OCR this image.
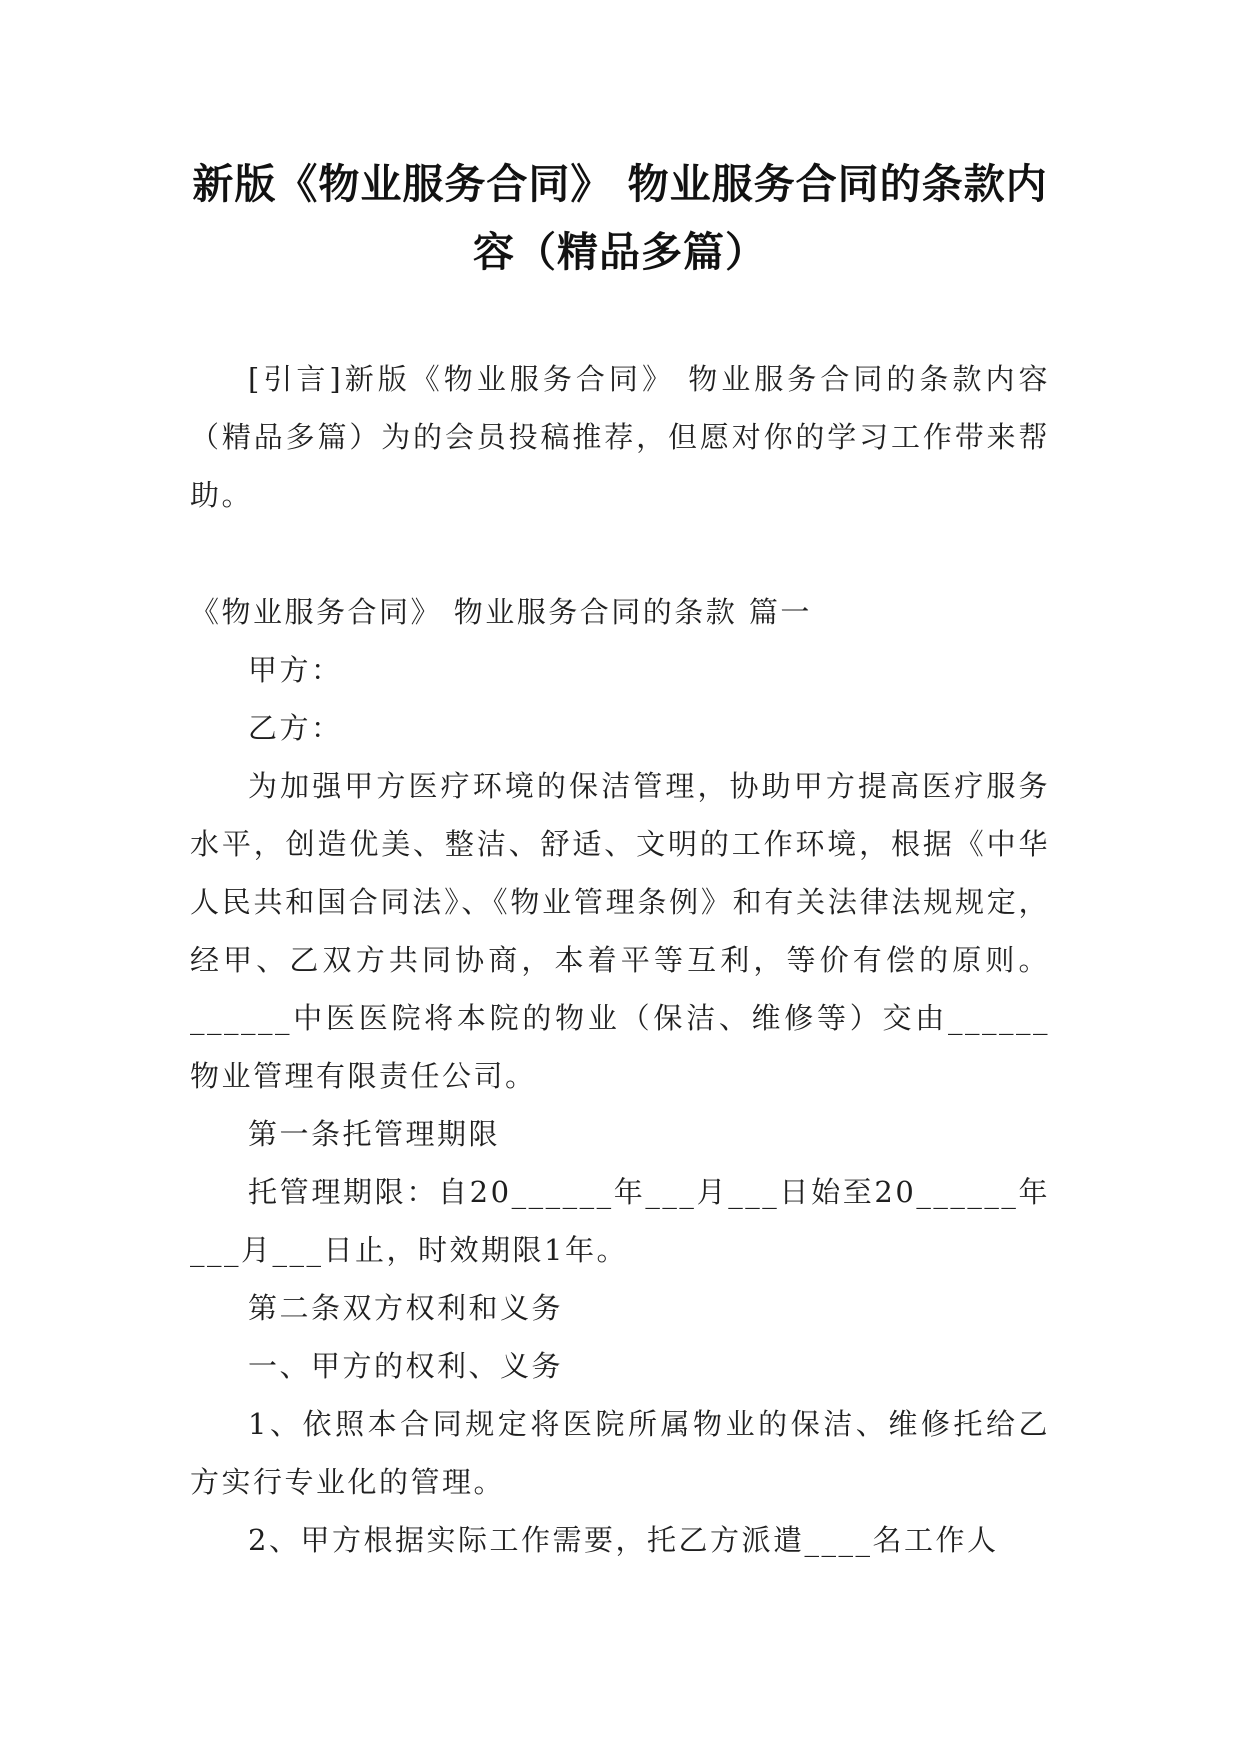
新版《物业服务合同》 物业服务合同的条款内容（精品多篇）

[引言]新版《物业服务合同》 物业服务合同的条款内容（精品多篇）为的会员投稿推荐，但愿对你的学习工作带来帮助。

《物业服务合同》 物业服务合同的条款 篇一

甲方：

乙方：

为加强甲方医疗环境的保洁管理，协助甲方提高医疗服务水平，创造优美、整洁、舒适、文明的工作环境，根据《中华人民共和国合同法》、《物业管理条例》和有关法律法规规定，经甲、乙双方共同协商，本着平等互利，等价有偿的原则。______中医医院将本院的物业（保洁、维修等）交由______物业管理有限责任公司。

第一条托管理期限

托管理期限：自20______年___月___日始至20______年___月___日止，时效期限1年。

第二条双方权利和义务

一、甲方的权利、义务

1、依照本合同规定将医院所属物业的保洁、维修托给乙方实行专业化的管理。

2、甲方根据实际工作需要，托乙方派遣____名工作人
